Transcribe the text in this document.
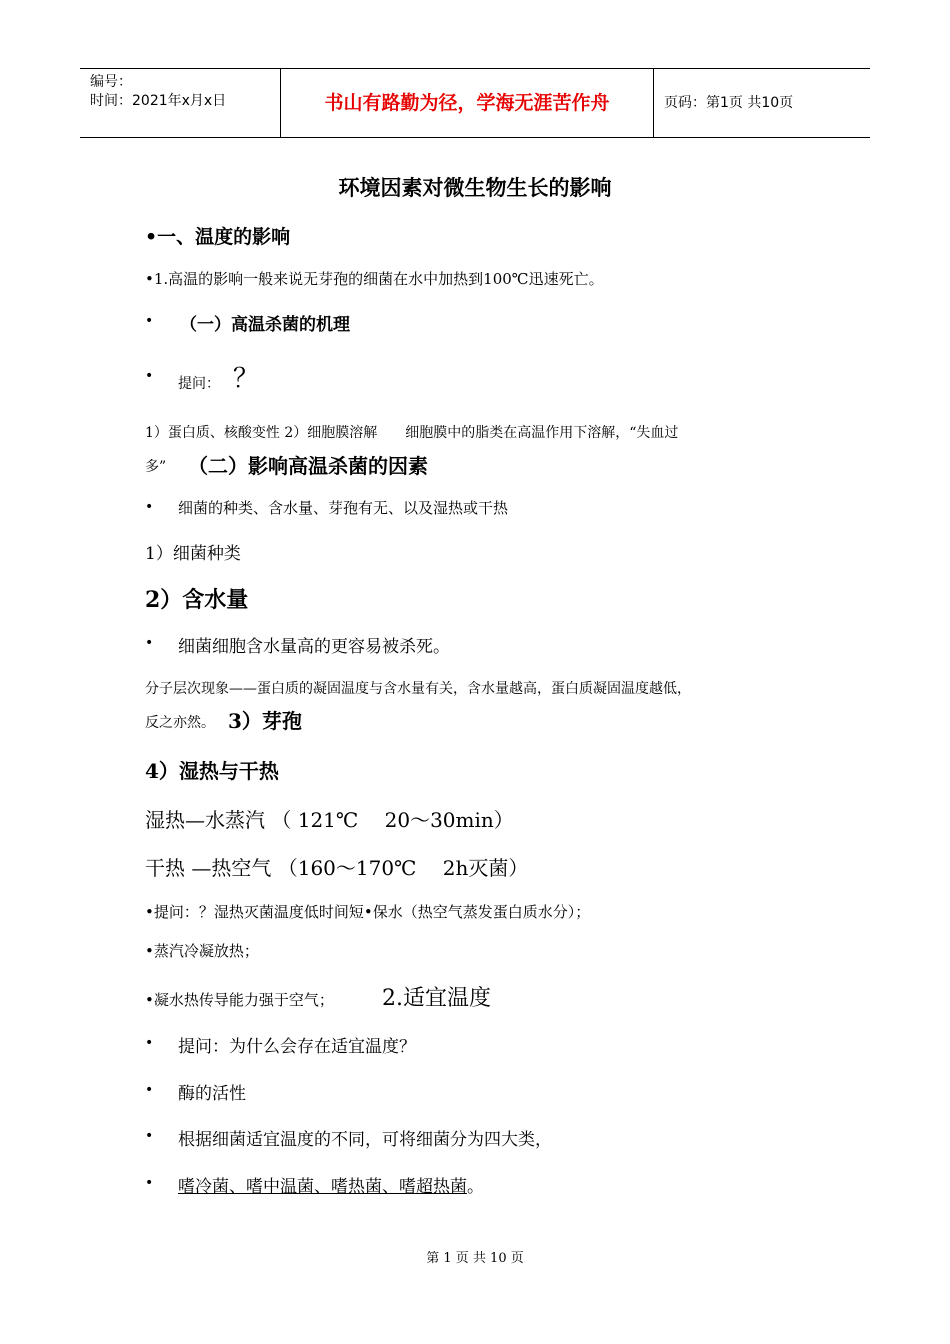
编号：
时间：2021年x月x日	书山有路勤为径，学海无涯苦作舟	页码：第1页 共10页
环境因素对微生物生长的影响
•一、温度的影响
•1.高温的影响一般来说无芽孢的细菌在水中加热到100℃迅速死亡。
• （一）高温杀菌的机理
• 提问： ？
1）蛋白质、核酸变性 2）细胞膜溶解　　细胞膜中的脂类在高温作用下溶解，“失血过
多” （二）影响高温杀菌的因素
• 细菌的种类、含水量、芽孢有无、以及湿热或干热
1）细菌种类
2）含水量
• 细菌细胞含水量高的更容易被杀死。
分子层次现象——蛋白质的凝固温度与含水量有关，含水量越高，蛋白质凝固温度越低，
反之亦然。 3）芽孢
4）湿热与干热
湿热—水蒸汽 （ 121℃　 20～30min）
干热 —热空气 （160～170℃　 2h灭菌）
•提问：？湿热灭菌温度低时间短•保水（热空气蒸发蛋白质水分）；
•蒸汽冷凝放热；
•凝水热传导能力强于空气； 2.适宜温度
• 提问：为什么会存在适宜温度？
• 酶的活性
• 根据细菌适宜温度的不同，可将细菌分为四大类，
• 嗜冷菌、嗜中温菌、嗜热菌、嗜超热菌。
第 1 页 共 10 页
